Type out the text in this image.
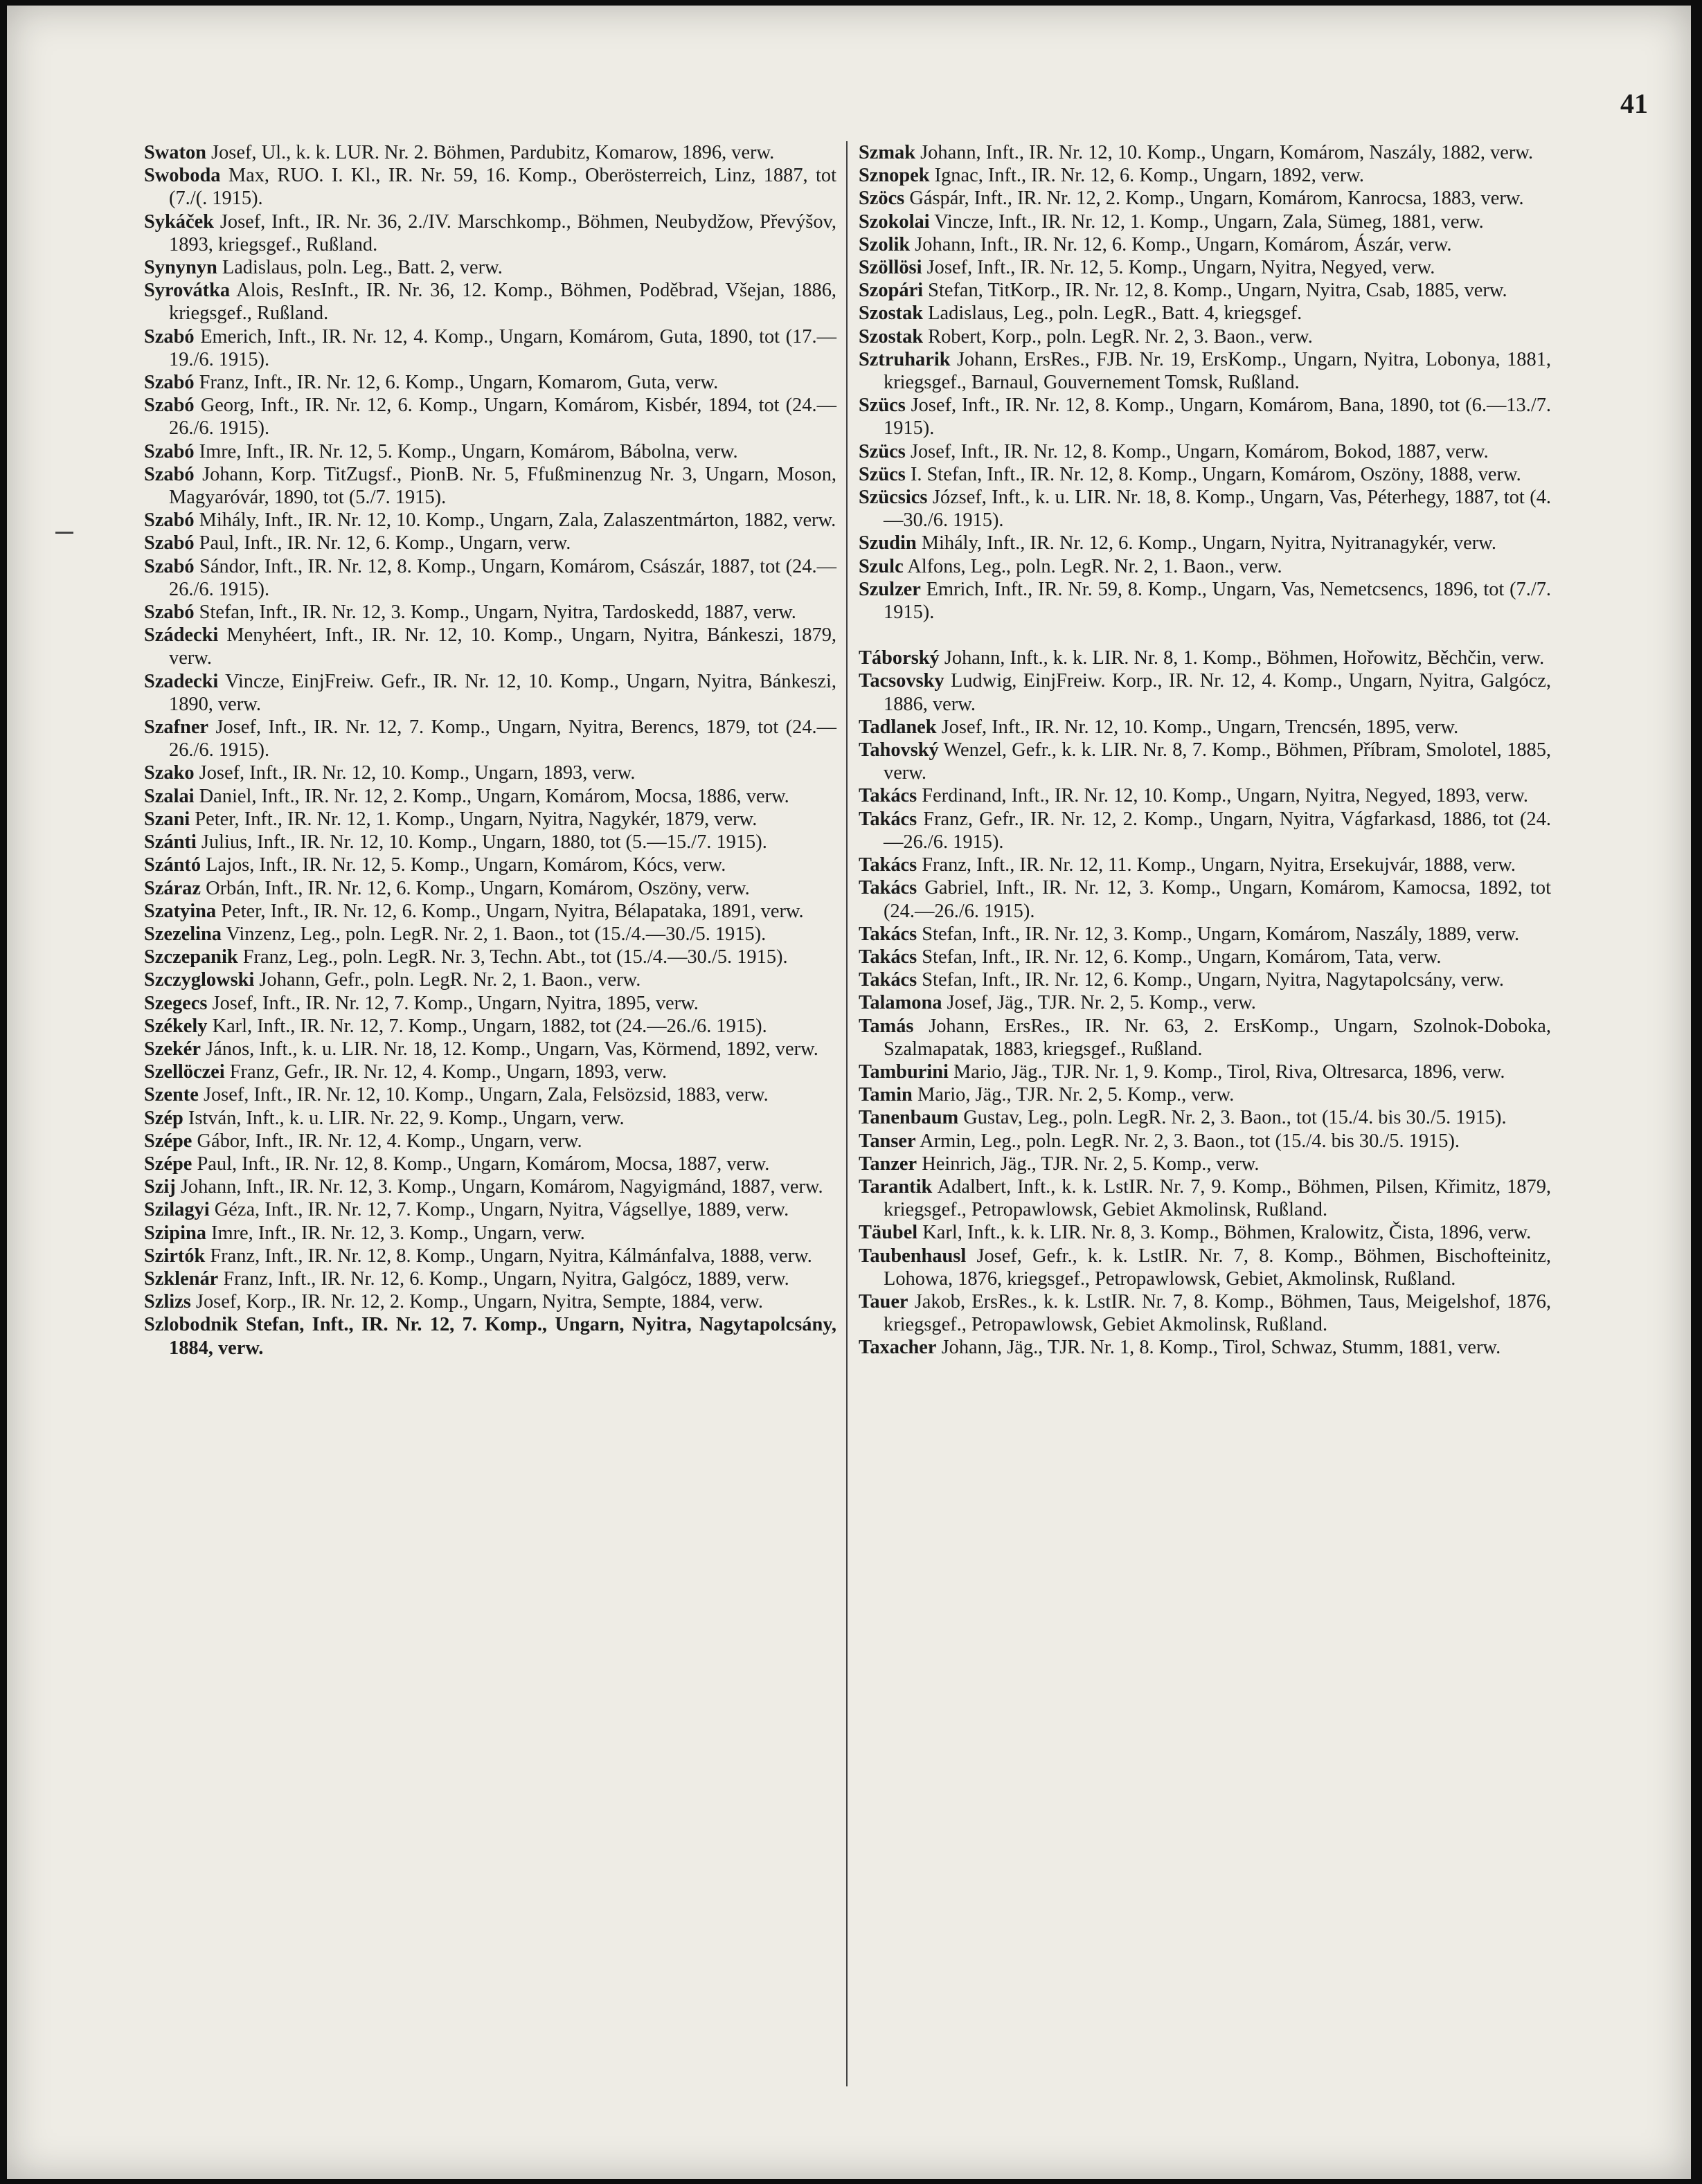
41

Swaton Josef, Ul., k. k. LUR. Nr. 2. Böhmen, Pardubitz, Komarow, 1896, verw.

Swoboda Max, RUO. I. Kl., IR. Nr. 59, 16. Komp., Oberösterreich, Linz, 1887, tot (7./(. 1915).

Sykáček Josef, Inft., IR. Nr. 36, 2./IV. Marschkomp., Böhmen, Neubydžow, Převýšov, 1893, kriegsgef., Rußland.

Synynyn Ladislaus, poln. Leg., Batt. 2, verw.

Syrovátka Alois, ResInft., IR. Nr. 36, 12. Komp., Böhmen, Poděbrad, Všejan, 1886, kriegsgef., Rußland.

Szabó Emerich, Inft., IR. Nr. 12, 4. Komp., Ungarn, Komárom, Guta, 1890, tot (17.—19./6. 1915).

Szabó Franz, Inft., IR. Nr. 12, 6. Komp., Ungarn, Komarom, Guta, verw.

Szabó Georg, Inft., IR. Nr. 12, 6. Komp., Ungarn, Komárom, Kisbér, 1894, tot (24.—26./6. 1915).

Szabó Imre, Inft., IR. Nr. 12, 5. Komp., Ungarn, Komárom, Bábolna, verw.

Szabó Johann, Korp. TitZugsf., PionB. Nr. 5, Ffußminenzug Nr. 3, Ungarn, Moson, Magyaróvár, 1890, tot (5./7. 1915).

Szabó Mihály, Inft., IR. Nr. 12, 10. Komp., Ungarn, Zala, Zalaszentmárton, 1882, verw.

Szabó Paul, Inft., IR. Nr. 12, 6. Komp., Ungarn, verw.

Szabó Sándor, Inft., IR. Nr. 12, 8. Komp., Ungarn, Komárom, Császár, 1887, tot (24.—26./6. 1915).

Szabó Stefan, Inft., IR. Nr. 12, 3. Komp., Ungarn, Nyitra, Tardoskedd, 1887, verw.

Szádecki Menyhéert, Inft., IR. Nr. 12, 10. Komp., Ungarn, Nyitra, Bánkeszi, 1879, verw.

Szadecki Vincze, EinjFreiw. Gefr., IR. Nr. 12, 10. Komp., Ungarn, Nyitra, Bánkeszi, 1890, verw.

Szafner Josef, Inft., IR. Nr. 12, 7. Komp., Ungarn, Nyitra, Berencs, 1879, tot (24.—26./6. 1915).

Szako Josef, Inft., IR. Nr. 12, 10. Komp., Ungarn, 1893, verw.

Szalai Daniel, Inft., IR. Nr. 12, 2. Komp., Ungarn, Komárom, Mocsa, 1886, verw.

Szani Peter, Inft., IR. Nr. 12, 1. Komp., Ungarn, Nyitra, Nagykér, 1879, verw.

Szánti Julius, Inft., IR. Nr. 12, 10. Komp., Ungarn, 1880, tot (5.—15./7. 1915).

Szántó Lajos, Inft., IR. Nr. 12, 5. Komp., Ungarn, Komárom, Kócs, verw.

Száraz Orbán, Inft., IR. Nr. 12, 6. Komp., Ungarn, Komárom, Oszöny, verw.

Szatyina Peter, Inft., IR. Nr. 12, 6. Komp., Ungarn, Nyitra, Bélapataka, 1891, verw.

Szezelina Vinzenz, Leg., poln. LegR. Nr. 2, 1. Baon., tot (15./4.—30./5. 1915).

Szczepanik Franz, Leg., poln. LegR. Nr. 3, Techn. Abt., tot (15./4.—30./5. 1915).

Szczyglowski Johann, Gefr., poln. LegR. Nr. 2, 1. Baon., verw.

Szegecs Josef, Inft., IR. Nr. 12, 7. Komp., Ungarn, Nyitra, 1895, verw.

Székely Karl, Inft., IR. Nr. 12, 7. Komp., Ungarn, 1882, tot (24.—26./6. 1915).

Szekér János, Inft., k. u. LIR. Nr. 18, 12. Komp., Ungarn, Vas, Körmend, 1892, verw.

Szellöczei Franz, Gefr., IR. Nr. 12, 4. Komp., Ungarn, 1893, verw.

Szente Josef, Inft., IR. Nr. 12, 10. Komp., Ungarn, Zala, Felsözsid, 1883, verw.

Szép István, Inft., k. u. LIR. Nr. 22, 9. Komp., Ungarn, verw.

Szépe Gábor, Inft., IR. Nr. 12, 4. Komp., Ungarn, verw.

Szépe Paul, Inft., IR. Nr. 12, 8. Komp., Ungarn, Komárom, Mocsa, 1887, verw.

Szij Johann, Inft., IR. Nr. 12, 3. Komp., Ungarn, Komárom, Nagyigmánd, 1887, verw.

Szilagyi Géza, Inft., IR. Nr. 12, 7. Komp., Ungarn, Nyitra, Vágsellye, 1889, verw.

Szipina Imre, Inft., IR. Nr. 12, 3. Komp., Ungarn, verw.

Szirtók Franz, Inft., IR. Nr. 12, 8. Komp., Ungarn, Nyitra, Kálmánfalva, 1888, verw.

Szklenár Franz, Inft., IR. Nr. 12, 6. Komp., Ungarn, Nyitra, Galgócz, 1889, verw.

Szlizs Josef, Korp., IR. Nr. 12, 2. Komp., Ungarn, Nyitra, Sempte, 1884, verw.

Szlobodnik Stefan, Inft., IR. Nr. 12, 7. Komp., Ungarn, Nyitra, Nagytapolcsány, 1884, verw.

Szmak Johann, Inft., IR. Nr. 12, 10. Komp., Ungarn, Komárom, Naszály, 1882, verw.

Sznopek Ignac, Inft., IR. Nr. 12, 6. Komp., Ungarn, 1892, verw.

Szöcs Gáspár, Inft., IR. Nr. 12, 2. Komp., Ungarn, Komárom, Kanrocsa, 1883, verw.

Szokolai Vincze, Inft., IR. Nr. 12, 1. Komp., Ungarn, Zala, Sümeg, 1881, verw.

Szolik Johann, Inft., IR. Nr. 12, 6. Komp., Ungarn, Komárom, Ászár, verw.

Szöllösi Josef, Inft., IR. Nr. 12, 5. Komp., Ungarn, Nyitra, Negyed, verw.

Szopári Stefan, TitKorp., IR. Nr. 12, 8. Komp., Ungarn, Nyitra, Csab, 1885, verw.

Szostak Ladislaus, Leg., poln. LegR., Batt. 4, kriegsgef.

Szostak Robert, Korp., poln. LegR. Nr. 2, 3. Baon., verw.

Sztruharik Johann, ErsRes., FJB. Nr. 19, ErsKomp., Ungarn, Nyitra, Lobonya, 1881, kriegsgef., Barnaul, Gouvernement Tomsk, Rußland.

Szücs Josef, Inft., IR. Nr. 12, 8. Komp., Ungarn, Komárom, Bana, 1890, tot (6.—13./7. 1915).

Szücs Josef, Inft., IR. Nr. 12, 8. Komp., Ungarn, Komárom, Bokod, 1887, verw.

Szücs I. Stefan, Inft., IR. Nr. 12, 8. Komp., Ungarn, Komárom, Oszöny, 1888, verw.

Szücsics József, Inft., k. u. LIR. Nr. 18, 8. Komp., Ungarn, Vas, Péterhegy, 1887, tot (4.—30./6. 1915).

Szudin Mihály, Inft., IR. Nr. 12, 6. Komp., Ungarn, Nyitra, Nyitranagykér, verw.

Szulc Alfons, Leg., poln. LegR. Nr. 2, 1. Baon., verw.

Szulzer Emrich, Inft., IR. Nr. 59, 8. Komp., Ungarn, Vas, Nemetcsencs, 1896, tot (7./7. 1915).

Táborský Johann, Inft., k. k. LIR. Nr. 8, 1. Komp., Böhmen, Hořowitz, Běchčin, verw.

Tacsovsky Ludwig, EinjFreiw. Korp., IR. Nr. 12, 4. Komp., Ungarn, Nyitra, Galgócz, 1886, verw.

Tadlanek Josef, Inft., IR. Nr. 12, 10. Komp., Ungarn, Trencsén, 1895, verw.

Tahovský Wenzel, Gefr., k. k. LIR. Nr. 8, 7. Komp., Böhmen, Příbram, Smolotel, 1885, verw.

Takács Ferdinand, Inft., IR. Nr. 12, 10. Komp., Ungarn, Nyitra, Negyed, 1893, verw.

Takács Franz, Gefr., IR. Nr. 12, 2. Komp., Ungarn, Nyitra, Vágfarkasd, 1886, tot (24.—26./6. 1915).

Takács Franz, Inft., IR. Nr. 12, 11. Komp., Ungarn, Nyitra, Ersekujvár, 1888, verw.

Takács Gabriel, Inft., IR. Nr. 12, 3. Komp., Ungarn, Komárom, Kamocsa, 1892, tot (24.—26./6. 1915).

Takács Stefan, Inft., IR. Nr. 12, 3. Komp., Ungarn, Komárom, Naszály, 1889, verw.

Takács Stefan, Inft., IR. Nr. 12, 6. Komp., Ungarn, Komárom, Tata, verw.

Takács Stefan, Inft., IR. Nr. 12, 6. Komp., Ungarn, Nyitra, Nagytapolcsány, verw.

Talamona Josef, Jäg., TJR. Nr. 2, 5. Komp., verw.

Tamás Johann, ErsRes., IR. Nr. 63, 2. ErsKomp., Ungarn, Szolnok-Doboka, Szalmapatak, 1883, kriegsgef., Rußland.

Tamburini Mario, Jäg., TJR. Nr. 1, 9. Komp., Tirol, Riva, Oltresarca, 1896, verw.

Tamin Mario, Jäg., TJR. Nr. 2, 5. Komp., verw.

Tanenbaum Gustav, Leg., poln. LegR. Nr. 2, 3. Baon., tot (15./4. bis 30./5. 1915).

Tanser Armin, Leg., poln. LegR. Nr. 2, 3. Baon., tot (15./4. bis 30./5. 1915).

Tanzer Heinrich, Jäg., TJR. Nr. 2, 5. Komp., verw.

Tarantik Adalbert, Inft., k. k. LstIR. Nr. 7, 9. Komp., Böhmen, Pilsen, Křimitz, 1879, kriegsgef., Petropawlowsk, Gebiet Akmolinsk, Rußland.

Täubel Karl, Inft., k. k. LIR. Nr. 8, 3. Komp., Böhmen, Kralowitz, Čista, 1896, verw.

Taubenhausl Josef, Gefr., k. k. LstIR. Nr. 7, 8. Komp., Böhmen, Bischofteinitz, Lohowa, 1876, kriegsgef., Petropawlowsk, Gebiet, Akmolinsk, Rußland.

Tauer Jakob, ErsRes., k. k. LstIR. Nr. 7, 8. Komp., Böhmen, Taus, Meigelshof, 1876, kriegsgef., Petropawlowsk, Gebiet Akmolinsk, Rußland.

Taxacher Johann, Jäg., TJR. Nr. 1, 8. Komp., Tirol, Schwaz, Stumm, 1881, verw.
